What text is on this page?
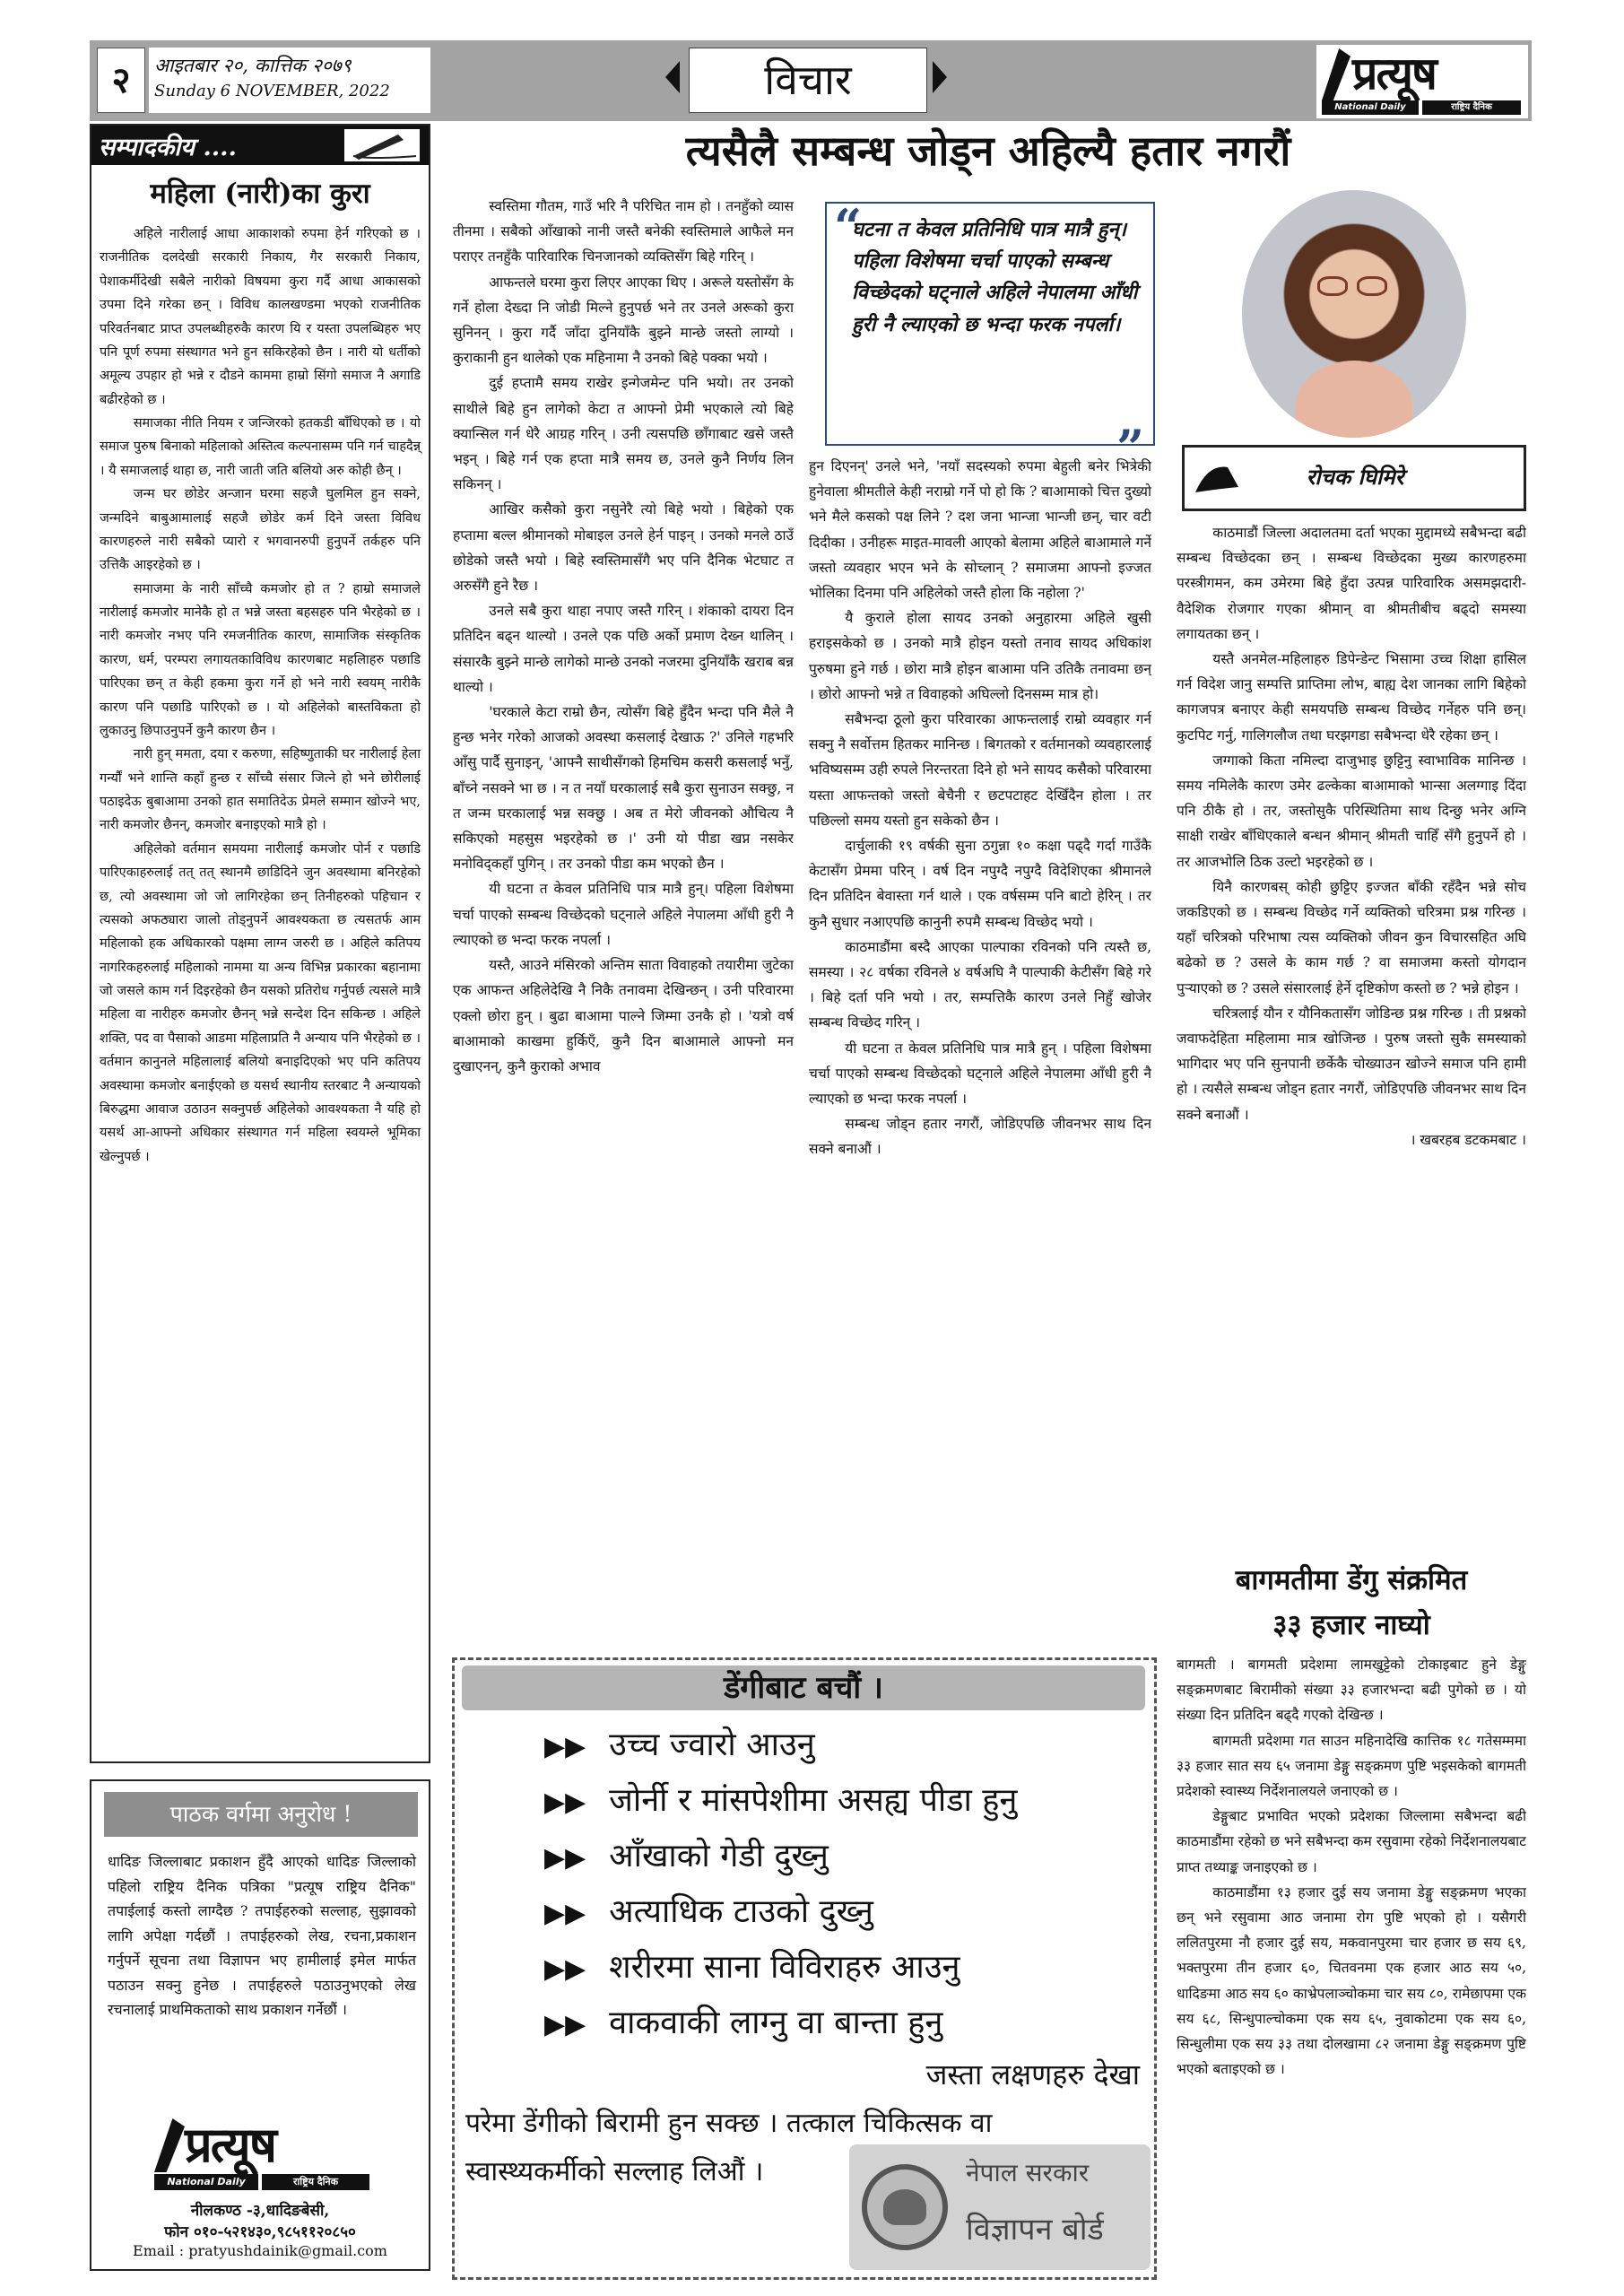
२	आइतबार २०, कात्तिक २०७९
Sunday 6 NOVEMBER, 2022	विचार	प्रत्यूष
National Daily	राष्ट्रिय दैनिक
सम्पादकीय ....
महिला (नारी)का कुरा

अहिले नारीलाई आधा आकाशको रुपमा हेर्न गरिएको छ । राजनीतिक दलदेखी सरकारी निकाय, गैर सरकारी निकाय, पेशाकर्मीदेखी सबैले नारीको विषयमा कुरा गर्दै आधा आकासको उपमा दिने गरेका छन् । विविध कालखण्डमा भएको राजनीतिक परिवर्तनबाट प्राप्त उपलब्धीहरुकै कारण यि र यस्ता उपलब्धिहरु भए पनि पूर्ण रुपमा संस्थागत भने हुन सकिरहेको छैन । नारी यो धर्तीको अमूल्य उपहार हो भन्ने र दौडने काममा हाम्रो सिंगो समाज नै अगाडि बढीरहेको छ ।

समाजका नीति नियम र जन्जिरको हतकडी बाँधिएको छ । यो समाज पुरुष बिनाको महिलाको अस्तित्व कल्पनासम्म पनि गर्न चाहदैन्न् । यै समाजलाई थाहा छ, नारी जाती जति बलियो अरु कोही छैन् ।

जन्म घर छोडेर अन्जान घरमा सहजै घुलमिल हुन सक्ने, जन्मदिने बाबुआमालाई सहजै छोडेर कर्म दिने जस्ता विविध कारणहरुले नारी सबैको प्यारो र भगवानरुपी हुनुपर्ने तर्कहरु पनि उत्तिकै आइरहेको छ ।

समाजमा के नारी साँच्चै कमजोर हो त ? हाम्रो समाजले नारीलाई कमजोर मानेकै हो त भन्ने जस्ता बहसहरु पनि भैरहेको छ । नारी कमजोर नभए पनि रमजनीतिक कारण, सामाजिक संस्कृतिक कारण, धर्म, परम्परा लगायतकाविविध कारणबाट महलिाहरु पछाडि पारिएका छन् त केही हकमा कुरा गर्ने हो भने नारी स्वयम् नारीकै कारण पनि पछाडि पारिएको छ । यो अहिलेको बास्तविकता हो लुकाउनु छिपाउनुपर्ने कुनै कारण छैन ।

नारी हुन् ममता, दया र करुणा, सहिष्णुताकी घर नारीलाई हेला गर्न्यौं भने शान्ति कहाँ हुन्छ र साँच्चै संसार जित्ने हो भने छोरीलाई पठाइदेऊ बुबाआमा उनको हात समातिदेऊ प्रेमले सम्मान खोज्ने भए, नारी कमजोर छैनन्, कमजोर बनाइएको मात्रै हो ।

अहिलेको वर्तमान समयमा नारीलाई कमजोर पोर्न र पछाडि पारिएकाहरुलाई तत् तत् स्थानमै छाडिदिने जुन अवस्थामा बनिरहेको छ, त्यो अवस्थामा जो जो लागिरहेका छन् तिनीहरुको पहिचान र त्यसको अफठ्यारा जालो तोड्नुपर्ने आवश्यकता छ त्यसतर्फ आम महिलाको हक अधिकारको पक्षमा लाग्न जरुरी छ । अहिले कतिपय नागरिकहरुलाई महिलाको नाममा या अन्य विभिन्न प्रकारका बहानामा जो जसले काम गर्न दिइरहेको छैन यसको प्रतिरोध गर्नुपर्छ त्यसले मात्रै महिला वा नारीहरु कमजोर छैनन् भन्ने सन्देश दिन सकिन्छ । अहिले शक्ति, पद वा पैसाको आडमा महिलाप्रति नै अन्याय पनि भैरहेको छ । वर्तमान कानुनले महिलालाई बलियो बनाइदिएको भए पनि कतिपय अवस्थामा कमजोर बनाईएको छ यसर्थ स्थानीय स्तरबाट नै अन्यायको बिरुद्धमा आवाज उठाउन सक्नुपर्छ अहिलेको आवश्यकता नै यहि हो यसर्थ आ-आफ्नो अधिकार संस्थागत गर्न महिला स्वयम्ले भूमिका खेल्नुपर्छ ।

पाठक वर्गमा अनुरोध !

धादिङ जिल्लाबाट प्रकाशन हुँदै आएको धादिङ जिल्लाको पहिलो राष्ट्रिय दैनिक पत्रिका "प्रत्यूष राष्ट्रिय दैनिक" तपाईलाई कस्तो लाग्दैछ ? तपाईहरुको सल्लाह, सुझावको लागि अपेक्षा गर्दछौं । तपाईहरुको लेख, रचना,प्रकाशन गर्नुपर्ने सूचना तथा विज्ञापन भए हामीलाई इमेल मार्फत पठाउन सक्नु हुनेछ । तपाईहरुले पठाउनुभएको लेख रचनालाई प्राथमिकताको साथ प्रकाशन गर्नेछौं ।

प्रत्यूष
National Daily	राष्ट्रिय दैनिक
नीलकण्ठ -३,धादिङबेसी,
फोन ०१०-५२१४३०,९८५११२०८५०
Email : pratyushdainik@gmail.com
त्यसैलै सम्बन्ध जोड्न अहिल्यै हतार नगरौं

स्वस्तिमा गौतम, गाउँ भरि नै परिचित नाम हो । तनहुँको व्यास तीनमा । सबैको आँखाको नानी जस्तै बनेकी स्वस्तिमाले आफैले मन पराएर तनहुँकै पारिवारिक चिनजानको व्यक्तिसँग बिहे गरिन् ।

आफन्तले घरमा कुरा लिएर आएका थिए । अरूले यस्तोसँग के गर्ने होला देख्दा नि जोडी मिल्ने हुनुपर्छ भने तर उनले अरूको कुरा सुनिनन् । कुरा गर्दै जाँदा दुनियाँकै बुझ्ने मान्छे जस्तो लाग्यो । कुराकानी हुन थालेको एक महिनामा नै उनको बिहे पक्का भयो ।

दुई हप्तामै समय राखेर इन्गेजमेन्ट पनि भयो। तर उनको साथीले बिहे हुन लागेको केटा त आफ्नो प्रेमी भएकाले त्यो बिहे क्यान्सिल गर्न धेरै आग्रह गरिन् । उनी त्यसपछि छाँगाबाट खसे जस्तै भइन् । बिहे गर्न एक हप्ता मात्रै समय छ, उनले कुनै निर्णय लिन सकिनन् ।

आखिर कसैको कुरा नसुनेरै त्यो बिहे भयो । बिहेको एक हप्तामा बल्ल श्रीमानको मोबाइल उनले हेर्न पाइन् । उनको मनले ठाउँ छोडेको जस्तै भयो । बिहे स्वस्तिमासँगै भए पनि दैनिक भेटघाट त अरुसँगै हुने रैछ ।

उनले सबै कुरा थाहा नपाए जस्तै गरिन् । शंकाको दायरा दिन प्रतिदिन बढ्न थाल्यो । उनले एक पछि अर्को प्रमाण देख्न थालिन् । संसारकै बुझ्ने मान्छे लागेको मान्छे उनको नजरमा दुनियाँकै खराब बन्न थाल्यो ।

'घरकाले केटा राम्रो छैन, त्योसँग बिहे हुँदैन भन्दा पनि मैले नै हुन्छ भनेर गरेको आजको अवस्था कसलाई देखाऊ ?' उनिले गहभरि आँसु पार्दै सुनाइन्, 'आफ्नै साथीसँगको हिमचिम कसरी कसलाई भनुँ, बाँच्ने नसक्ने भा छ । न त नयाँ घरकालाई सबै कुरा सुनाउन सक्छु, न त जन्म घरकालाई भन्न सक्छु । अब त मेरो जीवनको औचित्य नै सकिएको महसुस भइरहेको छ ।' उनी यो पीडा खप्न नसकेर मनोविद्कहाँ पुगिन् । तर उनको पीडा कम भएको छैन ।

यी घटना त केवल प्रतिनिधि पात्र मात्रै हुन्। पहिला विशेषमा चर्चा पाएको सम्बन्ध विच्छेदको घट्नाले अहिले नेपालमा आँधी हुरी नै ल्याएको छ भन्दा फरक नपर्ला ।

यस्तै, आउने मंसिरको अन्तिम साता विवाहको तयारीमा जुटेका एक आफन्त अहिलेदेखि नै निकै तनावमा देखिन्छन् । उनी परिवारमा एक्लो छोरा हुन् । बुढा बाआमा पाल्ने जिम्मा उनकै हो । 'यत्रो वर्ष बाआमाको काखमा हुर्किएँ, कुनै दिन बाआमाले आफ्नो मन दुखाएनन्, कुनै कुराको अभाव

“

घटना त केवल प्रतिनिधि पात्र मात्रै हुन्। पहिला विशेषमा चर्चा पाएको सम्बन्ध विच्छेदको घट्नाले अहिले नेपालमा आँधी हुरी नै ल्याएको छ भन्दा फरक नपर्ला।

”

हुन दिएनन्' उनले भने, 'नयाँ सदस्यको रुपमा बेहुली बनेर भित्रेकी हुनेवाला श्रीमतीले केही नराम्रो गर्ने पो हो कि ? बाआमाको चित्त दुख्यो भने मैले कसको पक्ष लिने ? दश जना भान्जा भान्जी छन्, चार वटी दिदीका । उनीहरू माइत-मावली आएको बेलामा अहिले बाआमाले गर्ने जस्तो व्यवहार भएन भने के सोच्लान् ? समाजमा आफ्नो इज्जत भोलिका दिनमा पनि अहिलेको जस्तै होला कि नहोला ?'

यै कुराले होला सायद उनको अनुहारमा अहिले खुसी हराइसकेको छ । उनको मात्रै होइन यस्तो तनाव सायद अधिकांश पुरुषमा हुने गर्छ । छोरा मात्रै होइन बाआमा पनि उतिकै तनावमा छन् । छोरो आफ्नो भन्ने त विवाहको अघिल्लो दिनसम्म मात्र हो।

सबैभन्दा ठूलो कुरा परिवारका आफन्तलाई राम्रो व्यवहार गर्न सक्नु नै सर्वोत्तम हितकर मानिन्छ । बिगतको र वर्तमानको व्यवहारलाई भविष्यसम्म उही रुपले निरन्तरता दिने हो भने सायद कसैको परिवारमा यस्ता आफन्तको जस्तो बेचैनी र छटपटाहट देखिँदैन होला । तर पछिल्लो समय यस्तो हुन सकेको छैन ।

दार्चुलाकी १९ वर्षकी सुना ठगुन्ना १० कक्षा पढ्दै गर्दा गाउँकै केटासँग प्रेममा परिन् । वर्ष दिन नपुग्दै नपुग्दै विदेशिएका श्रीमानले दिन प्रतिदिन बेवास्ता गर्न थाले । एक वर्षसम्म पनि बाटो हेरिन् । तर कुनै सुधार नआएपछि कानुनी रुपमै सम्बन्ध विच्छेद भयो ।

काठमाडौंमा बस्दै आएका पाल्पाका रविनको पनि त्यस्तै छ, समस्या । २८ वर्षका रविनले ४ वर्षअघि नै पाल्पाकी केटीसँग बिहे गरे । बिहे दर्ता पनि भयो । तर, सम्पत्तिकै कारण उनले निहुँ खोजेर सम्बन्ध विच्छेद गरिन् ।

यी घटना त केवल प्रतिनिधि पात्र मात्रै हुन् । पहिला विशेषमा चर्चा पाएको सम्बन्ध विच्छेदको घट्नाले अहिले नेपालमा आँधी हुरी नै ल्याएको छ भन्दा फरक नपर्ला ।

सम्बन्ध जोड्न हतार नगरौं, जोडिएपछि जीवनभर साथ दिन सक्ने बनाऔं ।

रोचक घिमिरे

काठमाडौं जिल्ला अदालतमा दर्ता भएका मुद्दामध्ये सबैभन्दा बढी सम्बन्ध विच्छेदका छन् । सम्बन्ध विच्छेदका मुख्य कारणहरुमा परस्त्रीगमन, कम उमेरमा बिहे हुँदा उत्पन्न पारिवारिक असमझदारी-वैदेशिक रोजगार गएका श्रीमान् वा श्रीमतीबीच बढ्दो समस्या लगायतका छन् ।

यस्तै अनमेल-महिलाहरु डिपेन्डेन्ट भिसामा उच्च शिक्षा हासिल गर्न विदेश जानु सम्पत्ति प्राप्तिमा लोभ, बाह्य देश जानका लागि बिहेको कागजपत्र बनाएर केही समयपछि सम्बन्ध विच्छेद गर्नेहरु पनि छन्। कुटपिट गर्नु, गालिगलौज तथा घरझगडा सबैभन्दा धेरै रहेका छन् ।

जग्गाको किता नमिल्दा दाजुभाइ छुट्टिनु स्वाभाविक मानिन्छ । समय नमिलेकै कारण उमेर ढल्केका बाआमाको भान्सा अलग्गाइ दिंदा पनि ठीकै हो । तर, जस्तोसुकै परिस्थितिमा साथ दिन्छु भनेर अग्नि साक्षी राखेर बाँधिएकाले बन्धन श्रीमान् श्रीमती चाहिँ सँगै हुनुपर्ने हो । तर आजभोलि ठिक उल्टो भइरहेको छ ।

यिनै कारणबस् कोही छुट्टिए इज्जत बाँकी रहँदैन भन्ने सोच जकडिएको छ । सम्बन्ध विच्छेद गर्ने व्यक्तिको चरित्रमा प्रश्न गरिन्छ । यहाँ चरित्रको परिभाषा त्यस व्यक्तिको जीवन कुन विचारसहित अघि बढेको छ ? उसले के काम गर्छ ? वा समाजमा कस्तो योगदान पुऱ्याएको छ ? उसले संसारलाई हेर्ने दृष्टिकोण कस्तो छ ? भन्ने होइन ।

चरित्रलाई यौन र यौनिकतासँग जोडिन्छ प्रश्न गरिन्छ । ती प्रश्नको जवाफदेहिता महिलामा मात्र खोजिन्छ । पुरुष जस्तो सुकै समस्याको भागिदार भए पनि सुनपानी छर्केकै चोख्याउन खोज्ने समाज पनि हामी हो । त्यसैले सम्बन्ध जोड्न हतार नगरौं, जोडिएपछि जीवनभर साथ दिन सक्ने बनाऔं ।

। खबरहब डटकमबाट ।

बागमतीमा डेंगु संक्रमित
३३ हजार नाघ्यो

बागमती । बागमती प्रदेशमा लामखुट्टेको टोकाइबाट हुने डेङ्गु सङ्क्रमणबाट बिरामीको संख्या ३३ हजारभन्दा बढी पुगेको छ । यो संख्या दिन प्रतिदिन बढ्दै गएको देखिन्छ ।

बागमती प्रदेशमा गत साउन महिनादेखि कात्तिक १८ गतेसम्ममा ३३ हजार सात सय ६५ जनामा डेङ्गु सङ्क्रमण पुष्टि भइसकेको बागमती प्रदेशको स्वास्थ्य निर्देशनालयले जनाएको छ ।

डेङ्गुबाट प्रभावित भएको प्रदेशका जिल्लामा सबैभन्दा बढी काठमाडौंमा रहेको छ भने सबैभन्दा कम रसुवामा रहेको निर्देशनालयबाट प्राप्त तथ्याङ्क जनाइएको छ ।

काठमाडौंमा १३ हजार दुई सय जनामा डेङ्गु सङ्क्रमण भएका छन् भने रसुवामा आठ जनामा रोग पुष्टि भएको हो । यसैगरी ललितपुरमा नौ हजार दुई सय, मकवानपुरमा चार हजार छ सय ६९, भक्तपुरमा तीन हजार ६०, चितवनमा एक हजार आठ सय ५०, धादिङमा आठ सय ६० काभ्रेपलाञ्चोकमा चार सय ८०, रामेछापमा एक सय ६८, सिन्धुपाल्चोकमा एक सय ६५, नुवाकोटमा एक सय ६०, सिन्धुलीमा एक सय ३३ तथा दोलखामा ८२ जनामा डेङ्गु सङ्क्रमण पुष्टि भएको बताइएको छ ।

डेंगीबाट बचौं ।
▶▶ उच्च ज्वारो आउनु
▶▶ जोर्नी र मांसपेशीमा असह्य पीडा हुनु
▶▶ आँखाको गेडी दुख्नु
▶▶ अत्याधिक टाउको दुख्नु
▶▶ शरीरमा साना विविराहरु आउनु
▶▶ वाकवाकी लाग्नु वा बान्ता हुनु
जस्ता लक्षणहरु देखा
परेमा डेंगीको बिरामी हुन सक्छ । तत्काल चिकित्सक वा
स्वास्थ्यकर्मीको सल्लाह लिऔं ।	नेपाल सरकार
विज्ञापन बोर्ड
